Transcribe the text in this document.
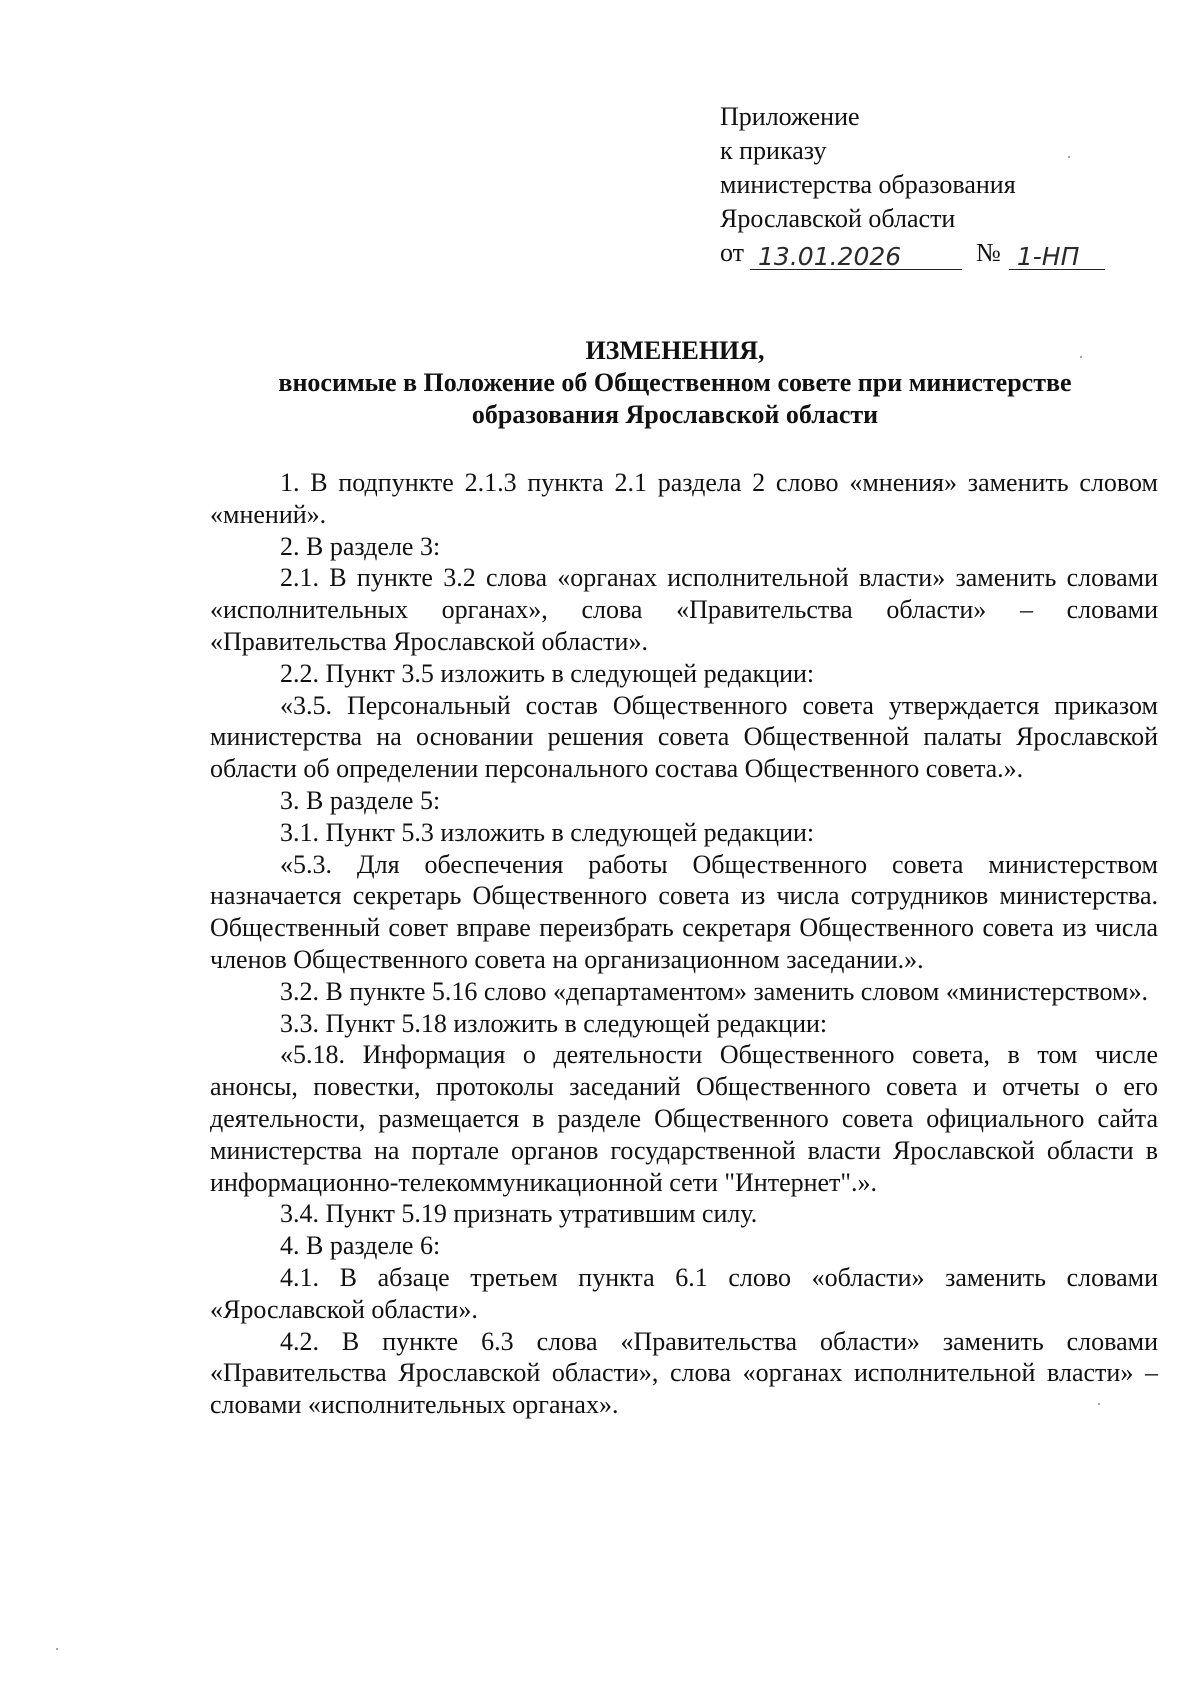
Приложение
к приказу
министерства образования
Ярославской области
от 13.01.2026	№ 1-НП
ИЗМЕНЕНИЯ,
вносимые в Положение об Общественном совете при министерстве
образования Ярославской области

1. В подпункте 2.1.3 пункта 2.1 раздела 2 слово «мнения» заменить словом «мнений».

2. В разделе 3:

2.1. В пункте 3.2 слова «органах исполнительной власти» заменить словами «исполнительных органах», слова «Правительства области» – словами «Правительства Ярославской области».

2.2. Пункт 3.5 изложить в следующей редакции:

«3.5. Персональный состав Общественного совета утверждается приказом министерства на основании решения совета Общественной палаты Ярославской области об определении персонального состава Общественного совета.».

3. В разделе 5:

3.1. Пункт 5.3 изложить в следующей редакции:

«5.3. Для обеспечения работы Общественного совета министерством назначается секретарь Общественного совета из числа сотрудников министерства. Общественный совет вправе переизбрать секретаря Общественного совета из числа членов Общественного совета на организационном заседании.».

3.2. В пункте 5.16 слово «департаментом» заменить словом «министерством».

3.3. Пункт 5.18 изложить в следующей редакции:

«5.18. Информация о деятельности Общественного совета, в том числе анонсы, повестки, протоколы заседаний Общественного совета и отчеты о его деятельности, размещается в разделе Общественного совета официального сайта министерства на портале органов государственной власти Ярославской области в информационно-телекоммуникационной сети "Интернет".».

3.4. Пункт 5.19 признать утратившим силу.

4. В разделе 6:

4.1. В абзаце третьем пункта 6.1 слово «области» заменить словами «Ярославской области».

4.2. В пункте 6.3 слова «Правительства области» заменить словами «Правительства Ярославской области», слова «органах исполнительной власти» – словами «исполнительных органах».
